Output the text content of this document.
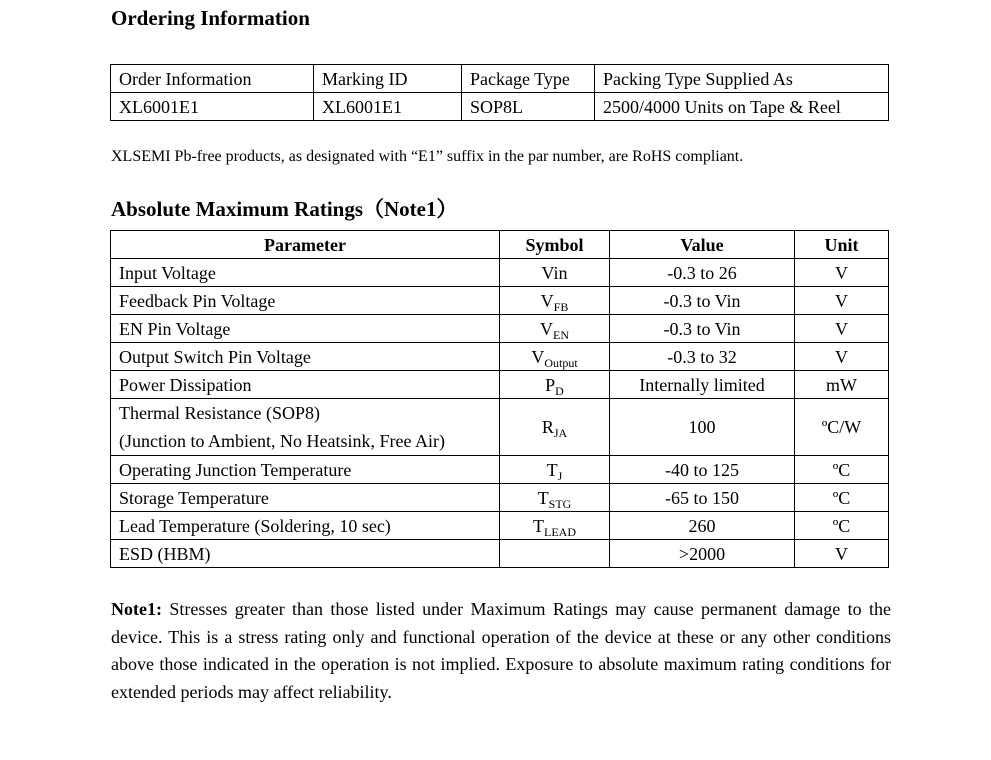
Ordering Information
Order Information	Marking ID	Package Type	Packing Type Supplied As
XL6001E1	XL6001E1	SOP8L	2500/4000 Units on Tape & Reel

XLSEMI Pb-free products, as designated with “E1” suffix in the par number, are RoHS compliant.

Absolute Maximum Ratings（Note1）
Parameter	Symbol	Value	Unit
Input Voltage	Vin	-0.3 to 26	V
Feedback Pin Voltage	$V_{FB}$	-0.3 to Vin	V
EN Pin Voltage	$V_{EN}$	-0.3 to Vin	V
Output Switch Pin Voltage	$V_{Output}$	-0.3 to 32	V
Power Dissipation	$P_D$	Internally limited	mW

Thermal Resistance (SOP8)
(Junction to Ambient, No Heatsink, Free Air)	$R_{JA}$	100	ºC/W
Operating Junction Temperature	$T_J$	-40 to 125	ºC
Storage Temperature	$T_{STG}$	-65 to 150	ºC
Lead Temperature (Soldering, 10 sec)	$T_{LEAD}$	260	ºC
ESD (HBM)		>2000	V

Note1: Stresses greater than those listed under Maximum Ratings may cause permanent damage to the device. This is a stress rating only and functional operation of the device at these or any other conditions above those indicated in the operation is not implied. Exposure to absolute maximum rating conditions for extended periods may affect reliability.
